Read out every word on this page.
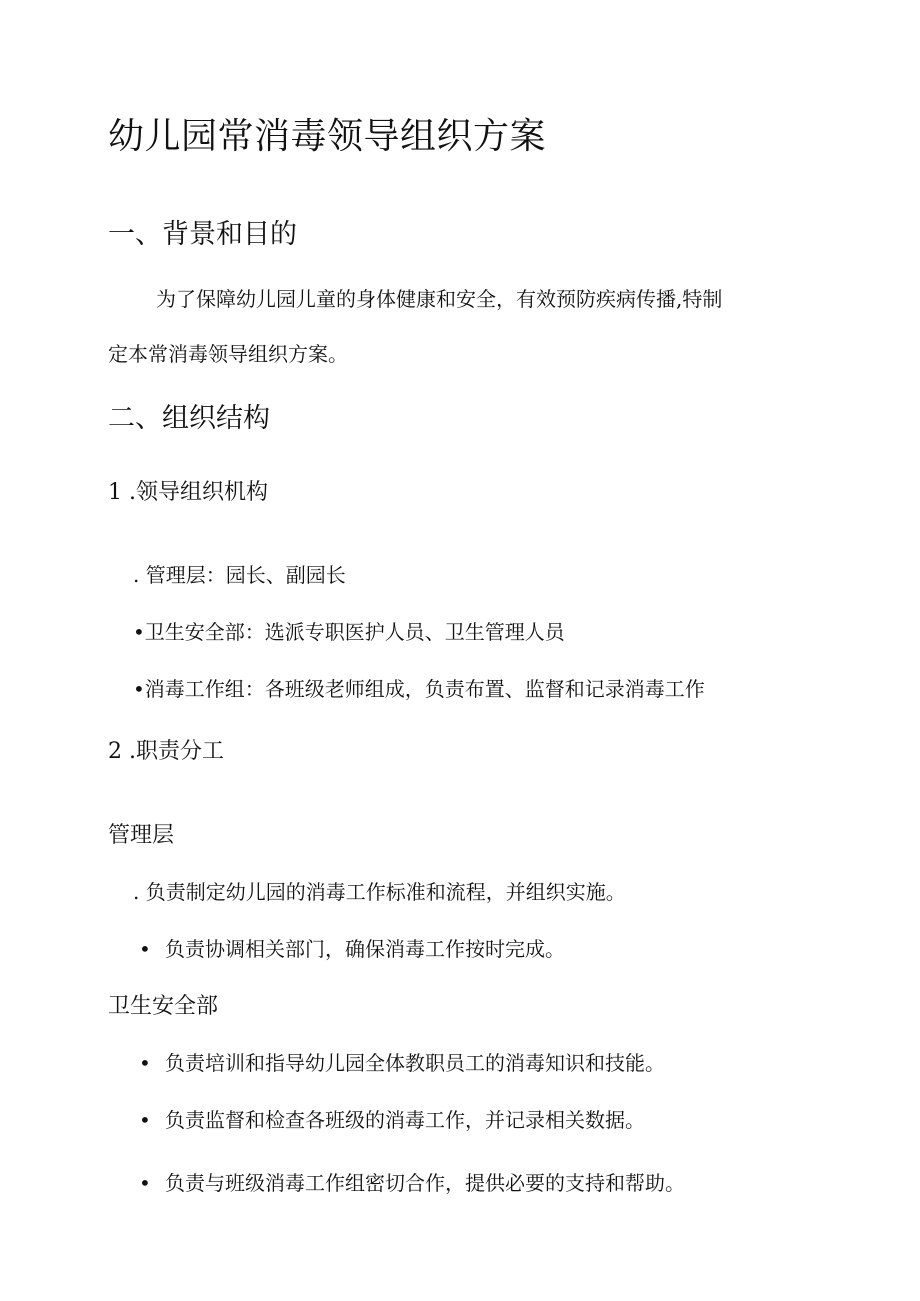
幼儿园常消毒领导组织方案
一、背景和目的
为了保障幼儿园儿童的身体健康和安全，有效预防疾病传播,特制
定本常消毒领导组织方案。
二、组织结构
1 .领导组织机构
. 管理层：园长、副园长
•卫生安全部：选派专职医护人员、卫生管理人员
•消毒工作组：各班级老师组成，负责布置、监督和记录消毒工作
2 .职责分工
管理层
. 负责制定幼儿园的消毒工作标准和流程，并组织实施。
• 负责协调相关部门，确保消毒工作按时完成。
卫生安全部
• 负责培训和指导幼儿园全体教职员工的消毒知识和技能。
• 负责监督和检查各班级的消毒工作，并记录相关数据。
• 负责与班级消毒工作组密切合作，提供必要的支持和帮助。
